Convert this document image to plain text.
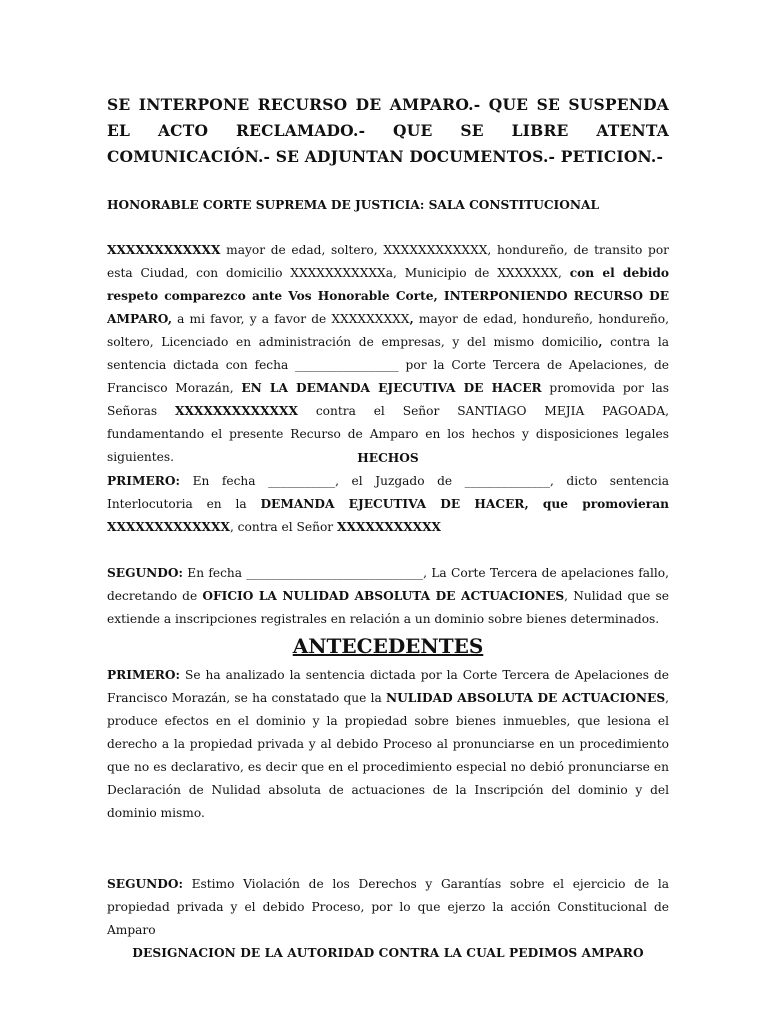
SE INTERPONE RECURSO DE AMPARO.- QUE SE SUSPENDA EL ACTO RECLAMADO.- QUE SE LIBRE ATENTA COMUNICACIÓN.- SE ADJUNTAN DOCUMENTOS.- PETICION.-

HONORABLE CORTE SUPREMA DE JUSTICIA: SALA CONSTITUCIONAL

XXXXXXXXXXXX mayor de edad, soltero, XXXXXXXXXXXX, hondureño, de transito por esta Ciudad, con domicilio XXXXXXXXXXXa, Municipio de XXXXXXX, con el debido respeto comparezco ante Vos Honorable Corte, INTERPONIENDO RECURSO DE AMPARO, a mi favor, y a favor de XXXXXXXXX, mayor de edad, hondureño, hondureño, soltero, Licenciado en administración de empresas, y del mismo domicilio, contra la sentencia dictada con fecha _________________ por la Corte Tercera de Apelaciones, de Francisco Morazán, EN LA DEMANDA EJECUTIVA DE HACER promovida por las Señoras XXXXXXXXXXXXX contra el Señor SANTIAGO MEJIA PAGOADA, fundamentando el presente Recurso de Amparo en los hechos y disposiciones legales siguientes.	HECHOS

PRIMERO: En fecha ___________, el Juzgado de ______________, dicto sentencia Interlocutoria en la DEMANDA EJECUTIVA DE HACER, que promovieran XXXXXXXXXXXXX, contra el Señor XXXXXXXXXXX

SEGUNDO: En fecha _____________________________, La Corte Tercera de apelaciones fallo, decretando de OFICIO LA NULIDAD ABSOLUTA DE ACTUACIONES, Nulidad que se extiende a inscripciones registrales en relación a un dominio sobre bienes determinados.

ANTECEDENTES

PRIMERO: Se ha analizado la sentencia dictada por la Corte Tercera de Apelaciones de Francisco Morazán, se ha constatado que la NULIDAD ABSOLUTA DE ACTUACIONES, produce efectos en el dominio y la propiedad sobre bienes inmuebles, que lesiona el derecho a la propiedad privada y al debido Proceso al pronunciarse en un procedimiento que no es declarativo, es decir que en el procedimiento especial no debió pronunciarse en Declaración de Nulidad absoluta de actuaciones de la Inscripción del dominio y del dominio mismo.

SEGUNDO: Estimo Violación de los Derechos y Garantías sobre el ejercicio de la propiedad privada y el debido Proceso, por lo que ejerzo la acción Constitucional de Amparo

DESIGNACION DE LA AUTORIDAD CONTRA LA CUAL PEDIMOS AMPARO
